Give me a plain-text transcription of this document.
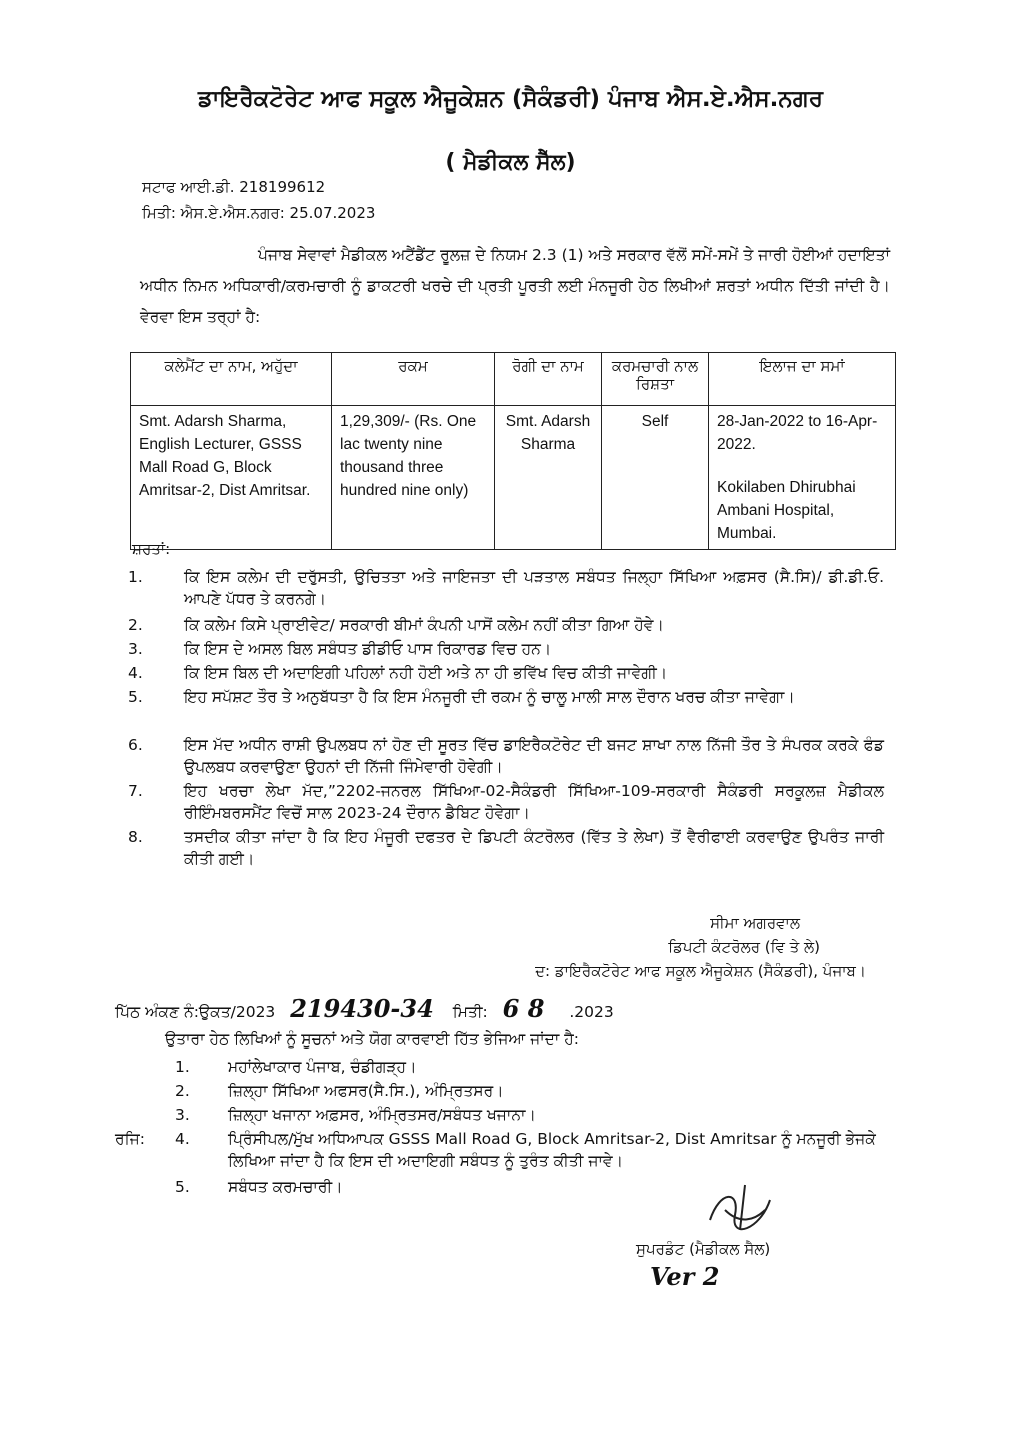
ਡਾਇਰੈਕਟੋਰੇਟ ਆਫ ਸਕੂਲ ਐਜੂਕੇਸ਼ਨ (ਸੈਕੰਡਰੀ) ਪੰਜਾਬ ਐਸ.ਏ.ਐਸ.ਨਗਰ
( ਮੈਡੀਕਲ ਸੈੱਲ)
ਸਟਾਫ ਆਈ.ਡੀ. 218199612
ਮਿਤੀ: ਐਸ.ਏ.ਐਸ.ਨਗਰ: 25.07.2023
ਪੰਜਾਬ ਸੇਵਾਵਾਂ ਮੈਡੀਕਲ ਅਟੈਂਡੈਂਟ ਰੂਲਜ਼ ਦੇ ਨਿਯਮ 2.3 (1) ਅਤੇ ਸਰਕਾਰ ਵੱਲੋਂ ਸਮੇਂ-ਸਮੇਂ ਤੇ ਜਾਰੀ ਹੋਈਆਂ ਹਦਾਇਤਾਂ ਅਧੀਨ ਨਿਮਨ ਅਧਿਕਾਰੀ/ਕਰਮਚਾਰੀ ਨੂੰ ਡਾਕਟਰੀ ਖਰਚੇ ਦੀ ਪ੍ਰਤੀ ਪੂਰਤੀ ਲਈ ਮੰਨਜੂਰੀ ਹੇਠ ਲਿਖੀਆਂ ਸ਼ਰਤਾਂ ਅਧੀਨ ਦਿੱਤੀ ਜਾਂਦੀ ਹੈ। ਵੇਰਵਾ ਇਸ ਤਰ੍ਹਾਂ ਹੈ:
ਕਲੇਮੈਂਟ ਦਾ ਨਾਮ, ਅਹੁੱਦਾ	ਰਕਮ	ਰੋਗੀ ਦਾ ਨਾਮ	ਕਰਮਚਾਰੀ ਨਾਲ ਰਿਸ਼ਤਾ	ਇਲਾਜ ਦਾ ਸਮਾਂ
Smt. Adarsh Sharma, English Lecturer, GSSS Mall Road G, Block Amritsar-2, Dist Amritsar.	1,29,309/- (Rs. One lac twenty nine thousand three hundred nine only)	Smt. Adarsh Sharma	Self	28-Jan-2022 to 16-Apr-2022.
Kokilaben Dhirubhai Ambani Hospital, Mumbai.
ਸ਼ਰਤਾਂ:
1.	ਕਿ ਇਸ ਕਲੇਮ ਦੀ ਦਰੁੱਸਤੀ, ਉਚਿਤਤਾ ਅਤੇ ਜਾਇਜਤਾ ਦੀ ਪੜਤਾਲ ਸਬੰਧਤ ਜਿਲ੍ਹਾ ਸਿੱਖਿਆ ਅਫ਼ਸਰ (ਸੈ.ਸਿ)/ ਡੀ.ਡੀ.ਓ. ਆਪਣੇ ਪੱਧਰ ਤੇ ਕਰਨਗੇ।
2.	ਕਿ ਕਲੇਮ ਕਿਸੇ ਪ੍ਰਾਈਵੇਟ/ ਸਰਕਾਰੀ ਬੀਮਾਂ ਕੰਪਨੀ ਪਾਸੋਂ ਕਲੇਮ ਨਹੀਂ ਕੀਤਾ ਗਿਆ ਹੋਵੇ।
3.	ਕਿ ਇਸ ਦੇ ਅਸਲ ਬਿਲ ਸਬੰਧਤ ਡੀਡੀਓ ਪਾਸ ਰਿਕਾਰਡ ਵਿਚ ਹਨ।
4.	ਕਿ ਇਸ ਬਿਲ ਦੀ ਅਦਾਇਗੀ ਪਹਿਲਾਂ ਨਹੀ ਹੋਈ ਅਤੇ ਨਾ ਹੀ ਭਵਿੱਖ ਵਿਚ ਕੀਤੀ ਜਾਵੇਗੀ।
5.	ਇਹ ਸਪੱਸ਼ਟ ਤੌਰ ਤੇ ਅਨੁਬੱਧਤਾ ਹੈ ਕਿ ਇਸ ਮੰਨਜੂਰੀ ਦੀ ਰਕਮ ਨੂੰ ਚਾਲੂ ਮਾਲੀ ਸਾਲ ਦੌਰਾਨ ਖਰਚ ਕੀਤਾ ਜਾਵੇਗਾ।
6.	ਇਸ ਮੱਦ ਅਧੀਨ ਰਾਸ਼ੀ ਉਪਲਬਧ ਨਾਂ ਹੋਣ ਦੀ ਸੂਰਤ ਵਿੱਚ ਡਾਇਰੈਕਟੋਰੇਟ ਦੀ ਬਜਟ ਸ਼ਾਖਾ ਨਾਲ ਨਿੱਜੀ ਤੌਰ ਤੇ ਸੰਪਰਕ ਕਰਕੇ ਫੰਡ ਉਪਲਬਧ ਕਰਵਾਉਣਾ ਉਹਨਾਂ ਦੀ ਨਿੱਜੀ ਜਿੰਮੇਵਾਰੀ ਹੋਵੇਗੀ।
7.	ਇਹ ਖਰਚਾ ਲੇਖਾ ਮੱਦ,”2202-ਜਨਰਲ ਸਿੱਖਿਆ-02-ਸੈਕੰਡਰੀ ਸਿੱਖਿਆ-109-ਸਰਕਾਰੀ ਸੈਕੰਡਰੀ ਸਰਕੂਲਜ਼ ਮੈਡੀਕਲ ਰੀਇੰਮਬਰਸਮੈਂਟ ਵਿਚੋਂ ਸਾਲ 2023-24 ਦੌਰਾਨ ਡੈਬਿਟ ਹੋਵੇਗਾ।
8.	ਤਸਦੀਕ ਕੀਤਾ ਜਾਂਦਾ ਹੈ ਕਿ ਇਹ ਮੰਜੂਰੀ ਦਫਤਰ ਦੇ ਡਿਪਟੀ ਕੰਟਰੋਲਰ (ਵਿੱਤ ਤੇ ਲੇਖਾ) ਤੋਂ ਵੈਰੀਫਾਈ ਕਰਵਾਉਣ ਉਪਰੰਤ ਜਾਰੀ ਕੀਤੀ ਗਈ।
ਸੀਮਾ ਅਗਰਵਾਲ
ਡਿਪਟੀ ਕੰਟਰੋਲਰ (ਵਿ ਤੇ ਲੇ)
ਦ: ਡਾਇਰੈਕਟੋਰੇਟ ਆਫ ਸਕੂਲ ਐਜੂਕੇਸ਼ਨ (ਸੈਕੰਡਰੀ), ਪੰਜਾਬ।
ਪਿੱਠ ਅੰਕਣ ਨੰ:ਉਕਤ/2023 219430-34 ਮਿਤੀ: 6 8 .2023
ਉਤਾਰਾ ਹੇਠ ਲਿਖਿਆਂ ਨੂੰ ਸੂਚਨਾਂ ਅਤੇ ਯੋਗ ਕਾਰਵਾਈ ਹਿੱਤ ਭੇਜਿਆ ਜਾਂਦਾ ਹੈ:
1. ਮਹਾਂਲੇਖਾਕਾਰ ਪੰਜਾਬ, ਚੰਡੀਗੜ੍ਹ।
2. ਜ਼ਿਲ੍ਹਾ ਸਿੱਖਿਆ ਅਫਸਰ(ਸੈ.ਸਿ.), ਅੰਮ੍ਰਿਤਸਰ।
3. ਜ਼ਿਲ੍ਹਾ ਖਜਾਨਾ ਅਫ਼ਸਰ, ਅੰਮ੍ਰਿਤਸਰ/ਸਬੰਧਤ ਖਜਾਨਾ।
ਰਜਿ: 4. ਪ੍ਰਿੰਸੀਪਲ/ਮੁੱਖ ਅਧਿਆਪਕ GSSS Mall Road G, Block Amritsar-2, Dist Amritsar ਨੂੰ ਮਨਜੂਰੀ ਭੇਜਕੇ ਲਿਖਿਆ ਜਾਂਦਾ ਹੈ ਕਿ ਇਸ ਦੀ ਅਦਾਇਗੀ ਸਬੰਧਤ ਨੂੰ ਤੁਰੰਤ ਕੀਤੀ ਜਾਵੇ।
5. ਸਬੰਧਤ ਕਰਮਚਾਰੀ।
ਸੁਪਰਡੰਟ (ਮੈਡੀਕਲ ਸੈਲ)
Ver 2
